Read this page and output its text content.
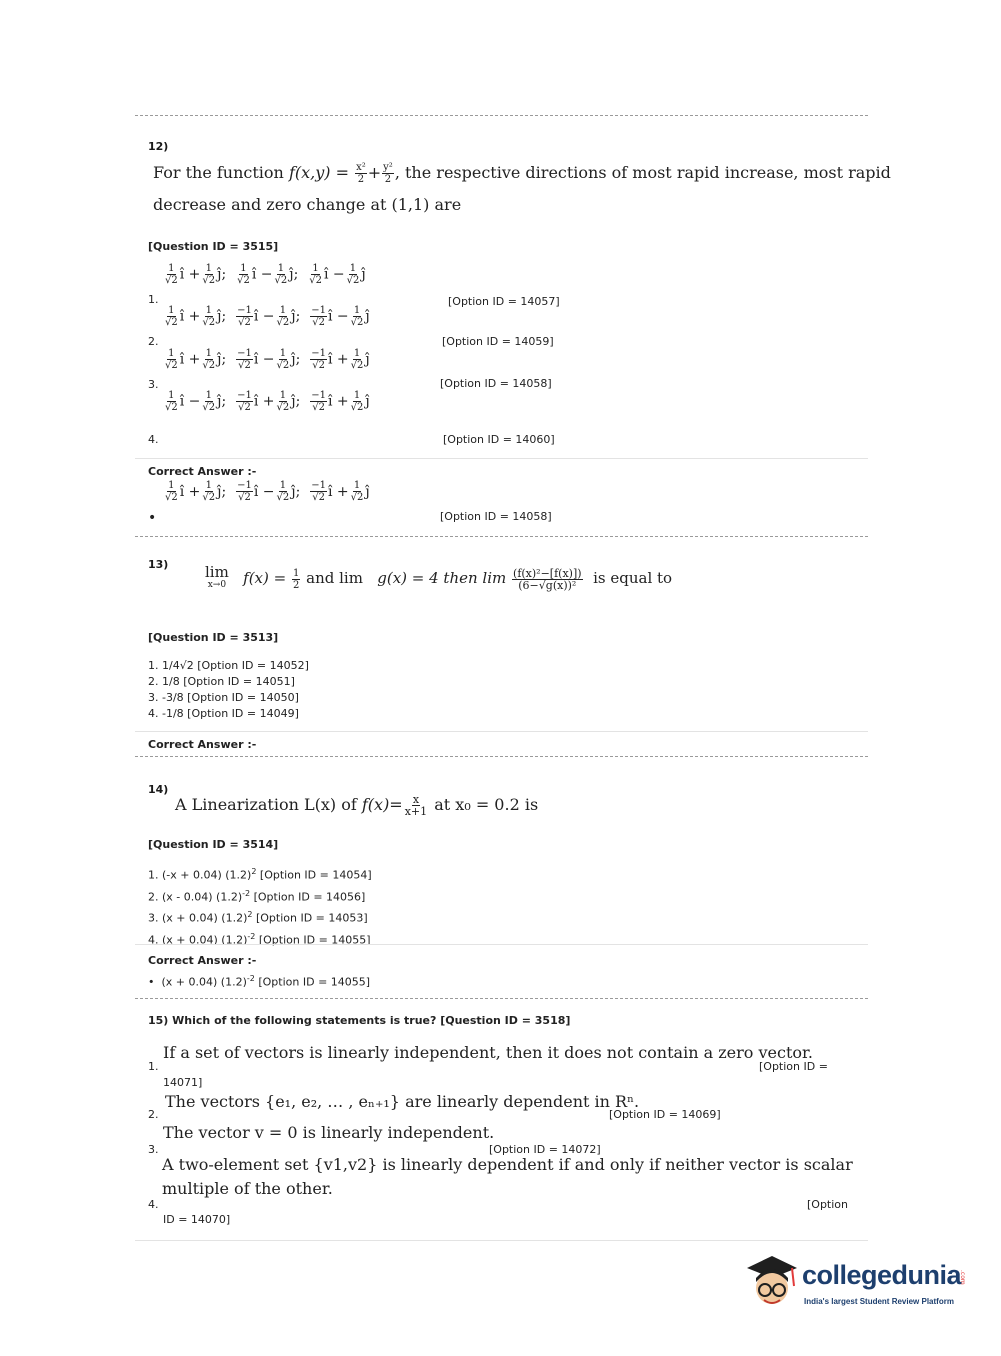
12)
For the function $f(x,y) = \frac{\text{x²}}{2} + \frac{\text{y²}}{2}$ , the respective directions of most rapid increase, most rapid
decrease and zero change at (1,1) are
[Question ID = 3515]
$\frac{1}{√2}$ î + $\frac{1}{√2}$ ĵ; $\frac{1}{√2}$ î − $\frac{1}{√2}$ ĵ; $\frac{1}{√2}$ î − $\frac{1}{√2}$ ĵ
1.	[Option ID = 14057]
$\frac{1}{√2}$ î + $\frac{1}{√2}$ ĵ; $\frac{-1}{√2}$ î − $\frac{1}{√2}$ ĵ; $\frac{-1}{√2}$ î − $\frac{1}{√2}$ ĵ
2.	[Option ID = 14059]
$\frac{1}{√2}$ î + $\frac{1}{√2}$ ĵ; $\frac{-1}{√2}$ î − $\frac{1}{√2}$ ĵ; $\frac{-1}{√2}$ î + $\frac{1}{√2}$ ĵ
3.	[Option ID = 14058]
$\frac{1}{√2}$ î − $\frac{1}{√2}$ ĵ; $\frac{-1}{√2}$ î + $\frac{1}{√2}$ ĵ; $\frac{-1}{√2}$ î + $\frac{1}{√2}$ ĵ
4.	[Option ID = 14060]
Correct Answer :-
•
$\frac{1}{√2}$ î + $\frac{1}{√2}$ ĵ; $\frac{-1}{√2}$ î − $\frac{1}{√2}$ ĵ; $\frac{-1}{√2}$ î + $\frac{1}{√2}$ ĵ
[Option ID = 14058]
13) lim
x→0 $f(x) = \frac{1}{2}$ and lim g(x) = 4 then $\lim \frac{\text{(f(x)²−[f(x)])}}{\text{(6−√g(x))²}}$ is equal to
[Question ID = 3513]
1. 1/4√2 [Option ID = 14052]
2. 1/8 [Option ID = 14051]
3. -3/8 [Option ID = 14050]
4. -1/8 [Option ID = 14049]
Correct Answer :-
14)
A Linearization L(x) of $f(x)= \frac{x}{x+1}$ at x₀ = 0.2 is
[Question ID = 3514]
1. (-x + 0.04) $(1.2)^2$ [Option ID = 14054]
2. (x - 0.04) $(1.2)^{-2}$ [Option ID = 14056]
3. (x + 0.04) $(1.2)^2$ [Option ID = 14053]
4. (x + 0.04) $(1.2)^{-2}$ [Option ID = 14055]
Correct Answer :-
• (x + 0.04) $(1.2)^{-2}$ [Option ID = 14055]
15) Which of the following statements is true? [Question ID = 3518]
If a set of vectors is linearly independent, then it does not contain a zero vector.
1.	[Option ID =
14071]
The vectors {e₁, e₂, … , eₙ₊₁} are linearly dependent in Rⁿ.
2.	[Option ID = 14069]
The vector v = 0 is linearly independent.
3.	[Option ID = 14072]
A two-element set {v1,v2} is linearly dependent if and only if neither vector is scalar
multiple of the other.
4.	[Option
ID = 14070]
collegedunia
.com
India's largest Student Review Platform
